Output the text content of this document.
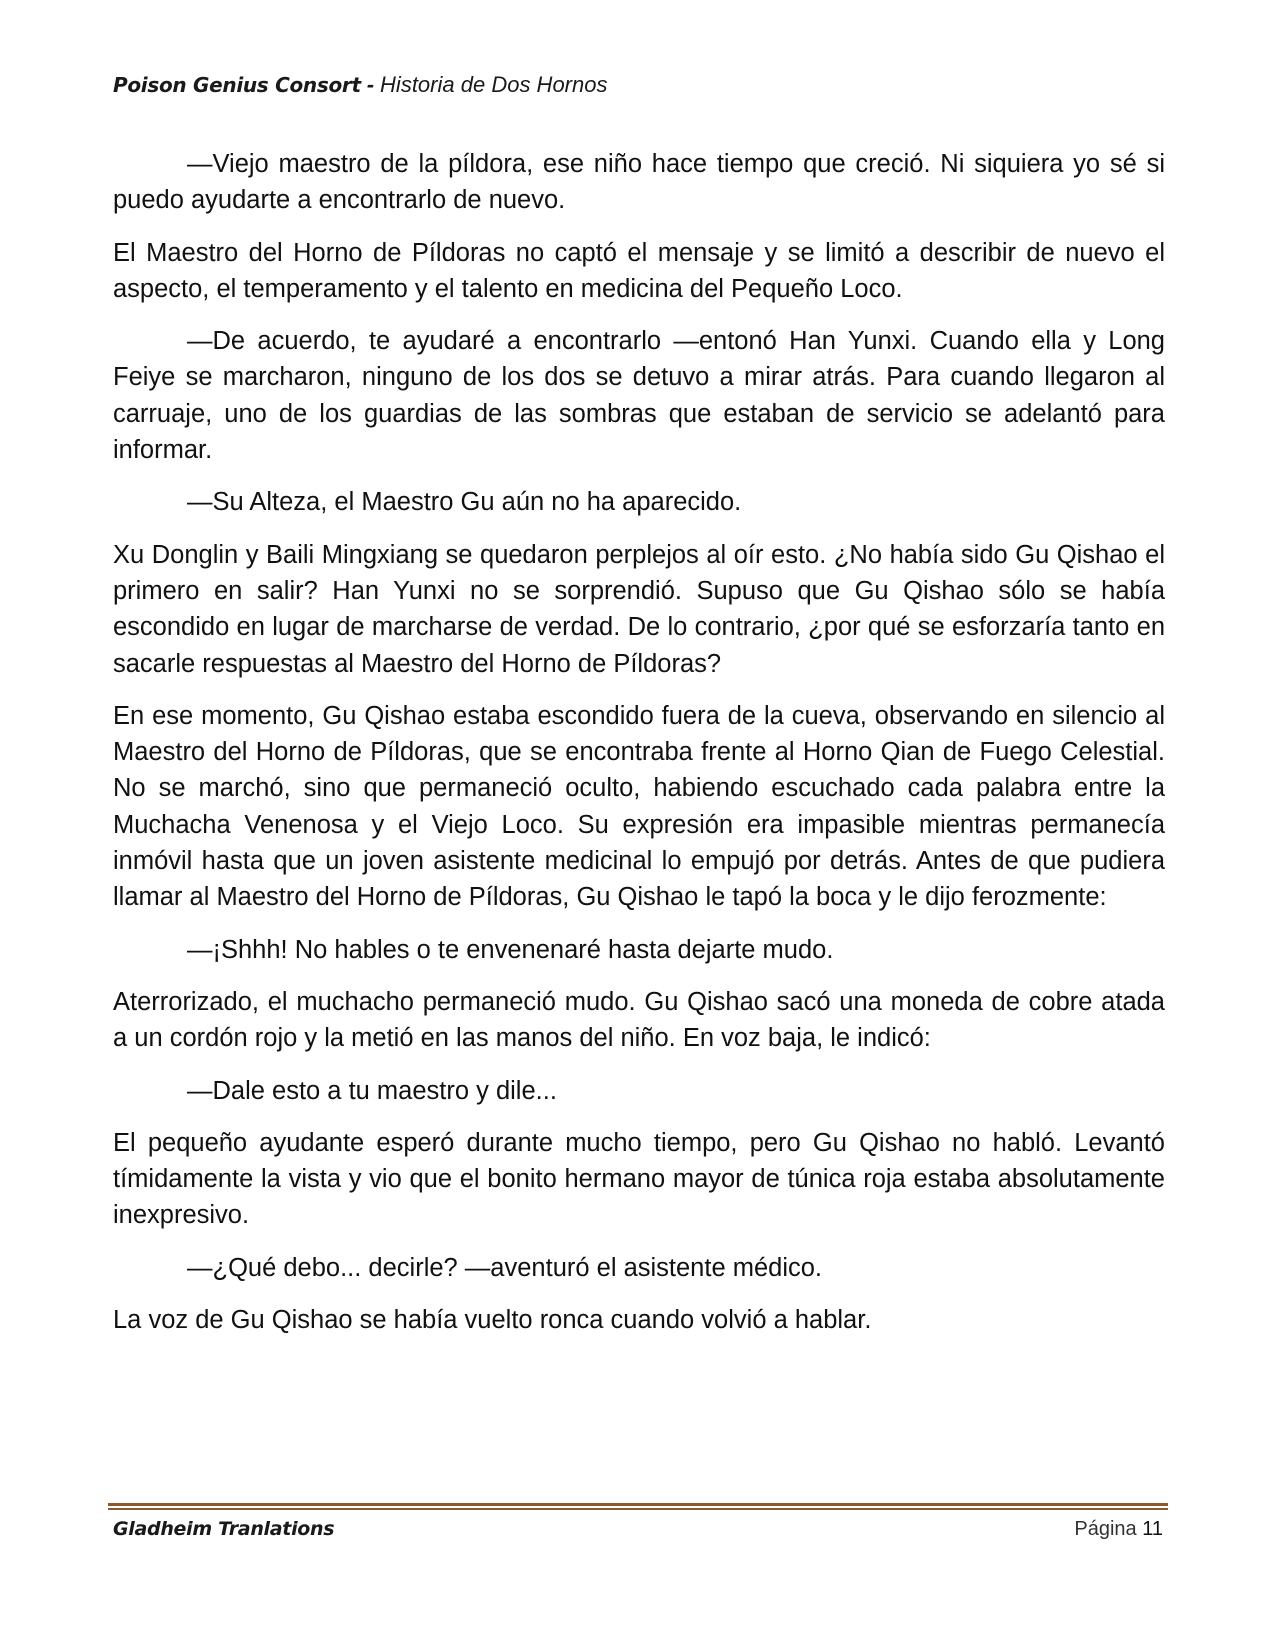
Poison Genius Consort - Historia de Dos Hornos

—Viejo maestro de la píldora, ese niño hace tiempo que creció. Ni siquiera yo sé si puedo ayudarte a encontrarlo de nuevo.

El Maestro del Horno de Píldoras no captó el mensaje y se limitó a describir de nuevo el aspecto, el temperamento y el talento en medicina del Pequeño Loco.

—De acuerdo, te ayudaré a encontrarlo —entonó Han Yunxi. Cuando ella y Long Feiye se marcharon, ninguno de los dos se detuvo a mirar atrás. Para cuando llegaron al carruaje, uno de los guardias de las sombras que estaban de servicio se adelantó para informar.

—Su Alteza, el Maestro Gu aún no ha aparecido.

Xu Donglin y Baili Mingxiang se quedaron perplejos al oír esto. ¿No había sido Gu Qishao el primero en salir? Han Yunxi no se sorprendió. Supuso que Gu Qishao sólo se había escondido en lugar de marcharse de verdad. De lo contrario, ¿por qué se esforzaría tanto en sacarle respuestas al Maestro del Horno de Píldoras?

En ese momento, Gu Qishao estaba escondido fuera de la cueva, observando en silencio al Maestro del Horno de Píldoras, que se encontraba frente al Horno Qian de Fuego Celestial. No se marchó, sino que permaneció oculto, habiendo escuchado cada palabra entre la Muchacha Venenosa y el Viejo Loco. Su expresión era impasible mientras permanecía inmóvil hasta que un joven asistente medicinal lo empujó por detrás. Antes de que pudiera llamar al Maestro del Horno de Píldoras, Gu Qishao le tapó la boca y le dijo ferozmente:

—¡Shhh! No hables o te envenenaré hasta dejarte mudo.

Aterrorizado, el muchacho permaneció mudo. Gu Qishao sacó una moneda de cobre atada a un cordón rojo y la metió en las manos del niño. En voz baja, le indicó:

—Dale esto a tu maestro y dile...

El pequeño ayudante esperó durante mucho tiempo, pero Gu Qishao no habló. Levantó tímidamente la vista y vio que el bonito hermano mayor de túnica roja estaba absolutamente inexpresivo.

—¿Qué debo... decirle? —aventuró el asistente médico.

La voz de Gu Qishao se había vuelto ronca cuando volvió a hablar.

Gladheim Tranlations	Página 11
